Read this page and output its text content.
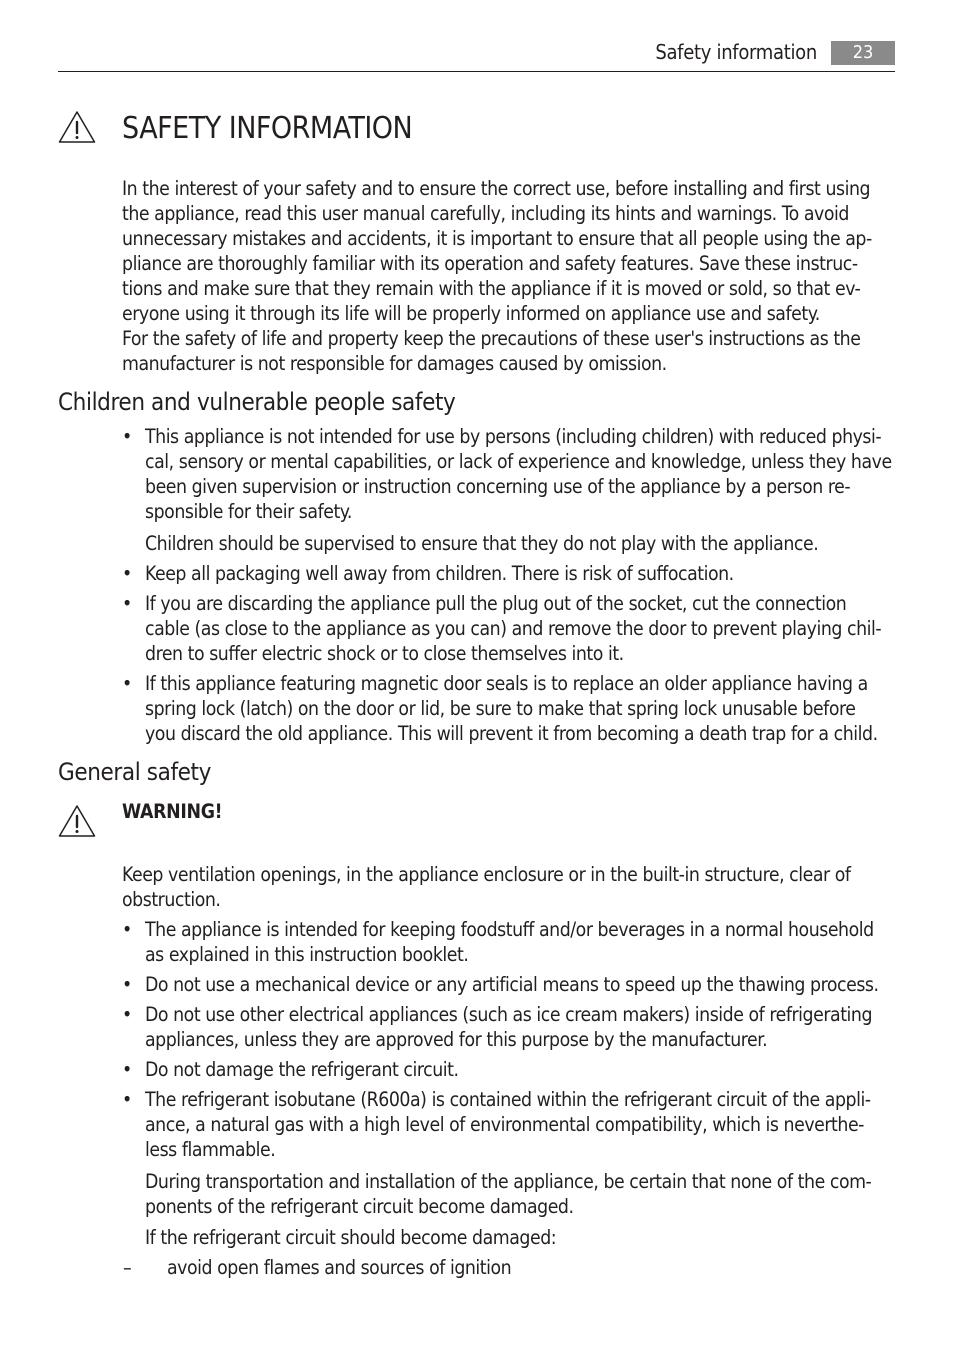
Safety information	23
SAFETY INFORMATION

In the interest of your safety and to ensure the correct use, before installing and first using

the appliance, read this user manual carefully, including its hints and warnings. To avoid

unnecessary mistakes and accidents, it is important to ensure that all people using the ap-

pliance are thoroughly familiar with its operation and safety features. Save these instruc-

tions and make sure that they remain with the appliance if it is moved or sold, so that ev-

eryone using it through its life will be properly informed on appliance use and safety.

For the safety of life and property keep the precautions of these user's instructions as the

manufacturer is not responsible for damages caused by omission.

Children and vulnerable people safety
• This appliance is not intended for use by persons (including children) with reduced physi-

cal, sensory or mental capabilities, or lack of experience and knowledge, unless they have

been given supervision or instruction concerning use of the appliance by a person re-

sponsible for their safety.

Children should be supervised to ensure that they do not play with the appliance.

• Keep all packaging well away from children. There is risk of suffocation.

• If you are discarding the appliance pull the plug out of the socket, cut the connection

cable (as close to the appliance as you can) and remove the door to prevent playing chil-

dren to suffer electric shock or to close themselves into it.

• If this appliance featuring magnetic door seals is to replace an older appliance having a

spring lock (latch) on the door or lid, be sure to make that spring lock unusable before

you discard the old appliance. This will prevent it from becoming a death trap for a child.

General safety
WARNING!

Keep ventilation openings, in the appliance enclosure or in the built-in structure, clear of

obstruction.

• The appliance is intended for keeping foodstuff and/or beverages in a normal household

as explained in this instruction booklet.

• Do not use a mechanical device or any artificial means to speed up the thawing process.

• Do not use other electrical appliances (such as ice cream makers) inside of refrigerating

appliances, unless they are approved for this purpose by the manufacturer.

• Do not damage the refrigerant circuit.

• The refrigerant isobutane (R600a) is contained within the refrigerant circuit of the appli-

ance, a natural gas with a high level of environmental compatibility, which is neverthe-

less flammable.

During transportation and installation of the appliance, be certain that none of the com-

ponents of the refrigerant circuit become damaged.

If the refrigerant circuit should become damaged:

– avoid open flames and sources of ignition
